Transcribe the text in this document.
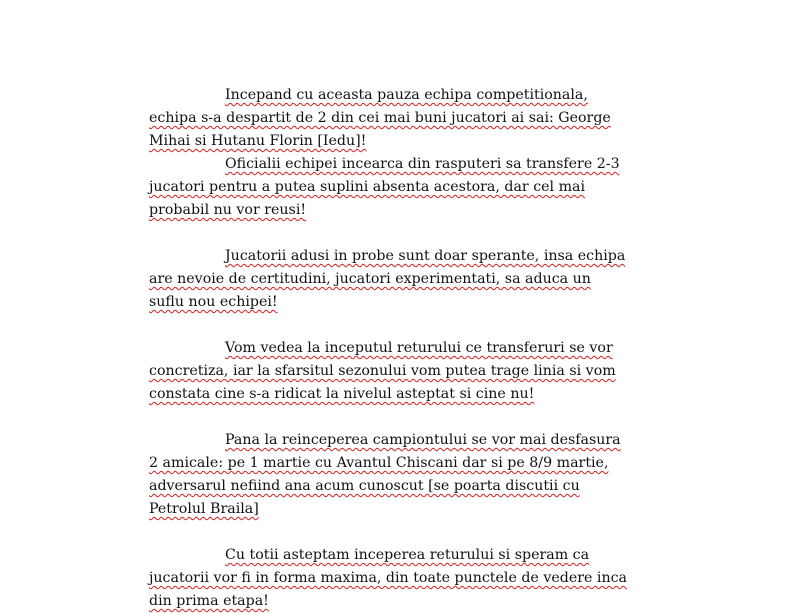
Incepand cu aceasta pauza echipa competitionala, echipa s-a despartit de 2 din cei mai buni jucatori ai sai: George Mihai si Hutanu Florin [Iedu]!

Oficialii echipei incearca din rasputeri sa transfere 2-3 jucatori pentru a putea suplini absenta acestora, dar cel mai probabil nu vor reusi!

Jucatorii adusi in probe sunt doar sperante, insa echipa are nevoie de certitudini, jucatori experimentati, sa aduca un suflu nou echipei!

Vom vedea la inceputul returului ce transferuri se vor concretiza, iar la sfarsitul sezonului vom putea trage linia si vom constata cine s-a ridicat la nivelul asteptat si cine nu!

Pana la reinceperea campiontului se vor mai desfasura 2 amicale: pe 1 martie cu Avantul Chiscani dar si pe 8/9 martie, adversarul nefiind ana acum cunoscut [se poarta discutii cu Petrolul Braila]

Cu totii asteptam inceperea returului si speram ca jucatorii vor fi in forma maxima, din toate punctele de vedere inca din prima etapa!
